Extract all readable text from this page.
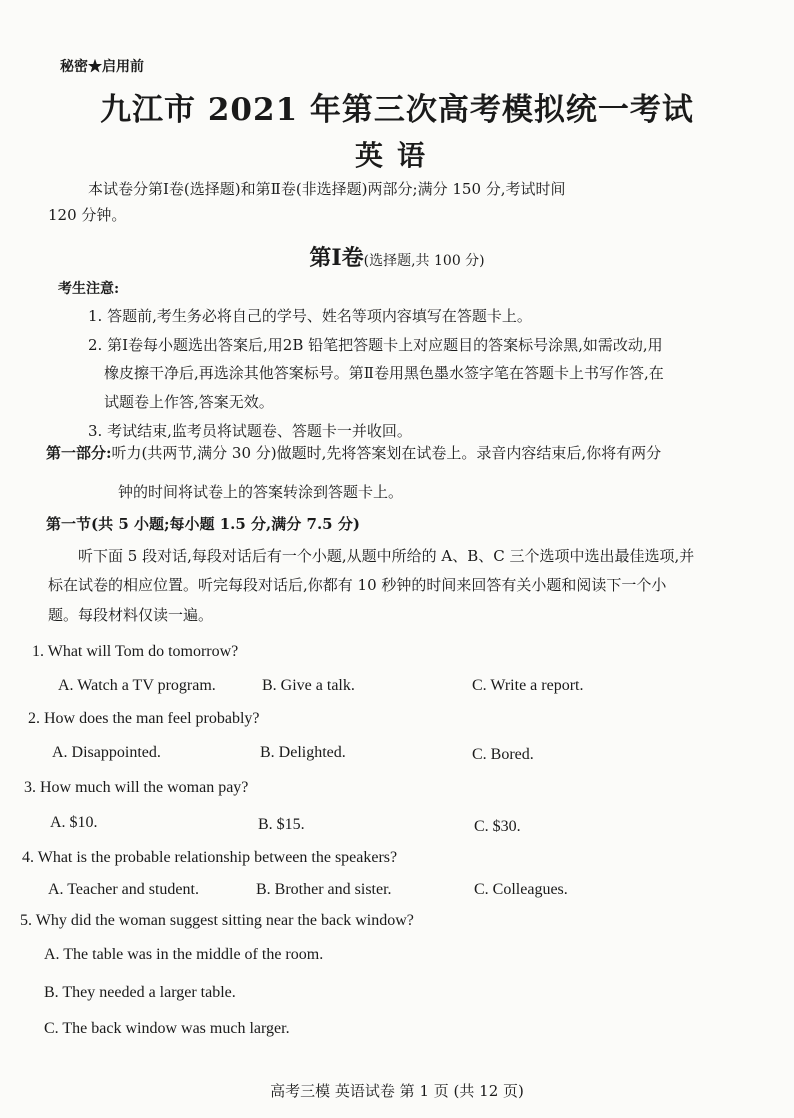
秘密★启用前
九江市 2021 年第三次高考模拟统一考试
英语
本试卷分第Ⅰ卷(选择题)和第Ⅱ卷(非选择题)两部分;满分 150 分,考试时间
120 分钟。
第Ⅰ卷(选择题,共 100 分)
考生注意:
1. 答题前,考生务必将自己的学号、姓名等项内容填写在答题卡上。
2. 第Ⅰ卷每小题选出答案后,用2B 铅笔把答题卡上对应题目的答案标号涂黑,如需改动,用
橡皮擦干净后,再选涂其他答案标号。第Ⅱ卷用黑色墨水签字笔在答题卡上书写作答,在
试题卷上作答,答案无效。
3. 考试结束,监考员将试题卷、答题卡一并收回。
第一部分:听力(共两节,满分 30 分)做题时,先将答案划在试卷上。录音内容结束后,你将有两分
钟的时间将试卷上的答案转涂到答题卡上。
第一节(共 5 小题;每小题 1.5 分,满分 7.5 分)
听下面 5 段对话,每段对话后有一个小题,从题中所给的 A、B、C 三个选项中选出最佳选项,并
标在试卷的相应位置。听完每段对话后,你都有 10 秒钟的时间来回答有关小题和阅读下一个小
题。每段材料仅读一遍。
1. What will Tom do tomorrow?
A. Watch a TV program.	B. Give a talk.	C. Write a report.
2. How does the man feel probably?
A. Disappointed.	B. Delighted.	C. Bored.
3. How much will the woman pay?
A. $10.	B. $15.	C. $30.
4. What is the probable relationship between the speakers?
A. Teacher and student.	B. Brother and sister.	C. Colleagues.
5. Why did the woman suggest sitting near the back window?
A. The table was in the middle of the room.
B. They needed a larger table.
C. The back window was much larger.
高考三模 英语试卷 第 1 页 (共 12 页)
